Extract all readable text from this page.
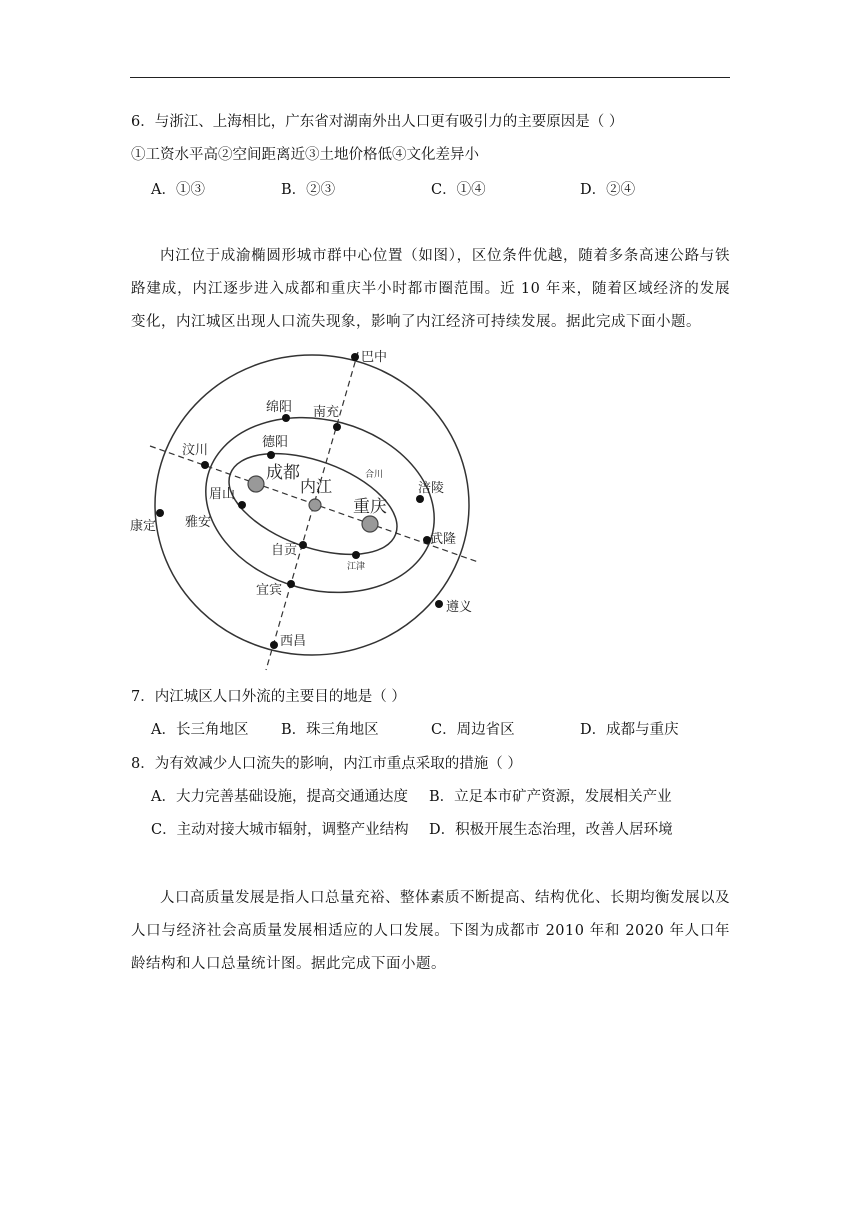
6．与浙江、上海相比，广东省对湖南外出人口更有吸引力的主要原因是（ ）
①工资水平高②空间距离近③土地价格低④文化差异小
A．①③	B．②③	C．①④	D．②④
内江位于成渝椭圆形城市群中心位置（如图），区位条件优越，随着多条高速公路与铁路建成，内江逐步进入成都和重庆半小时都市圈范围。近 10 年来，随着区域经济的发展变化，内江城区出现人口流失现象，影响了内江经济可持续发展。据此完成下面小题。
巴中
绵阳 南充
汶川
德阳
成都
内江
合川
涪陵
眉山
重庆
康定 雅安
武隆
自贡
江津
宜宾
遵义
西昌
7．内江城区人口外流的主要目的地是（ ）
A．长三角地区 B．珠三角地区	C．周边省区	D．成都与重庆
8．为有效减少人口流失的影响，内江市重点采取的措施（ ）
A．大力完善基础设施，提高交通通达度 B．立足本市矿产资源，发展相关产业
C．主动对接大城市辐射，调整产业结构 D．积极开展生态治理，改善人居环境
人口高质量发展是指人口总量充裕、整体素质不断提高、结构优化、长期均衡发展以及人口与经济社会高质量发展相适应的人口发展。下图为成都市 2010 年和 2020 年人口年龄结构和人口总量统计图。据此完成下面小题。
